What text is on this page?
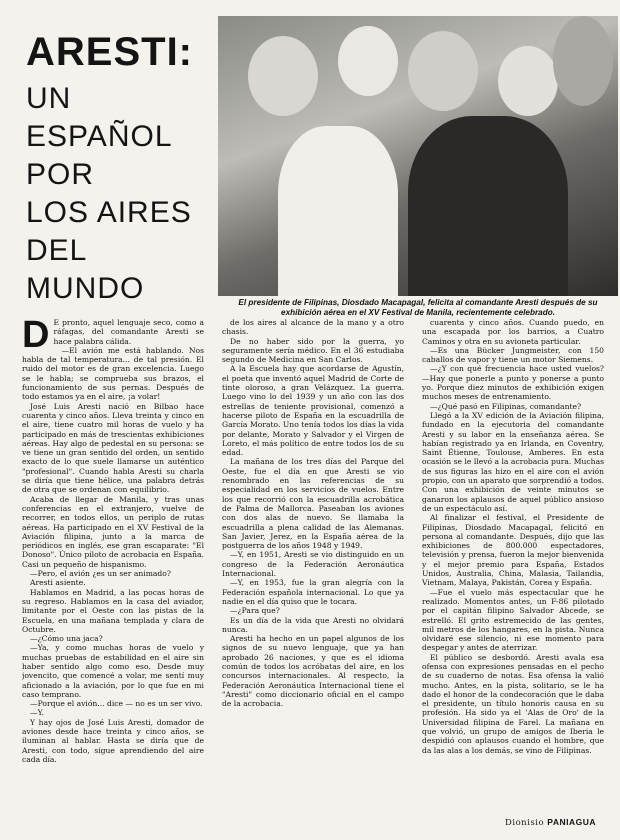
ARESTI:
UN ESPAÑOL
POR
LOS AIRES
DEL
MUNDO	El presidente de Filipinas, Diosdado Macapagal, felicita al comandante Aresti después de su exhibición aérea en el XV Festival de Manila, recientemente celebrado.

D E pronto, aquel lenguaje seco, como a ráfagas, del comandante Aresti se hace palabra cálida.

—El avión me está hablando. Nos habla de tal temperatura... de tal presión. El ruido del motor es de gran excelencia. Luego se le habla; se comprueba sus brazos, el funcionamiento de sus pernas. Después de todo estamos ya en el aire, ¡a volar!

José Luis Aresti nació en Bilbao hace cuarenta y cinco años. Lleva treinta y cinco en el aire, tiene cuatro mil horas de vuelo y ha participado en más de trescientas exhibiciones aéreas. Hay algo de pedestal en su persona: se ve tiene un gran sentido del orden, un sentido exacto de lo que suele llamarse un auténtico "profesional". Cuando habla Aresti su charla se diría que tiene hélice, una palabra detrás de otra que se ordenan con equilibrio.

Acaba de llegar de Manila, y tras unas conferencias en el extranjero, vuelve de recorrer, en todos ellos, un periplo de rutas aéreas. Ha participado en el XV Festival de la Aviación filipina, junto a la marca de periódicos en inglés, ese gran escaparate: "El Donoso". Único piloto de acrobacia en España. Casi un pequeño de hispanismo.

—Pero, el avión ¿es un ser animado?

Aresti asiente.

Hablamos en Madrid, a las pocas horas de su regreso. Hablamos en la casa del aviador, limitante por el Oeste con las pistas de la Escuela, en una mañana templada y clara de Octubre.

—¿Cómo una jaca?

—Ya, y como muchas horas de vuelo y muchas pruebas de estabilidad en el aire sin haber sentido algo como eso. Desde muy jovencito, que comencé a volar, me sentí muy aficionado a la aviación, por lo que fue en mi caso temprano.

—Porque el avión... dice — no es un ser vivo.

—Y.

Y hay ojos de José Luis Aresti, domador de aviones desde hace treinta y cinco años, se iluminan al hablar. Hasta se diría que de Aresti, con todo, sigue aprendiendo del aire cada día.

de los aires al alcance de la mano y a otro chasis.

De no haber sido por la guerra, yo seguramente sería médico. En el 36 estudiaba segundo de Medicina en San Carlos.

A la Escuela hay que acordarse de Agustín, el poeta que inventó aquel Madrid de Corte de tinte oloroso, a gran Velázquez. La guerra. Luego vino lo del 1939 y un año con las dos estrellas de teniente provisional, comenzó a hacerse piloto de España en la escuadrilla de García Morato. Uno tenía todos los días la vida por delante, Morato y Salvador y el Virgen de Loreto, el más político de entre todos los de su edad.

La mañana de los tres días del Parque del Oeste, fue el día en que Aresti se vio renombrado en las referencias de su especialidad en los servicios de vuelos. Entre los que recorrió con la escuadrilla acrobática de Palma de Mallorca. Paseaban los aviones con dos alas de nuevo. Se llamaba la escuadrilla a plena calidad de las Alemanas. San Javier, Jerez, en la España aérea de la postguerra de los años 1948 y 1949.

—Y, en 1951, Aresti se vio distinguido en un congreso de la Federación Aeronáutica Internacional.

—Y, en 1953, fue la gran alegría con la Federación española internacional. Lo que ya nadie en el día quiso que le tocara.

—¿Para que?

Es un día de la vida que Aresti no olvidará nunca.

Aresti ha hecho en un papel algunos de los signos de su nuevo lenguaje, que ya han aprobado 26 naciones, y que es el idioma común de todos los acróbatas del aire, en los concursos internacionales. Al respecto, la Federación Aeronáutica Internacional tiene el "Aresti" como diccionario oficial en el campo de la acrobacia.

cuarenta y cinco años. Cuando puedo, en una escapada por los barrios, a Cuatro Caminos y otra en su avioneta particular.

—Es una Bücker Jungmeister, con 150 caballos de vapor y tiene un motor Siemens.

—¿Y con qué frecuencia hace usted vuelos? —Hay que ponerle a punto y ponerse a punto yo. Porque diez minutos de exhibición exigen muchos meses de entrenamiento.

—¿Qué pasó en Filipinas, comandante?

Llegó a la XV edición de la Aviación filipina, fundado en la ejecutoria del comandante Aresti y su labor en la enseñanza aérea. Se habían registrado ya en Irlanda, en Coventry, Saint Étienne, Toulouse, Amberes. En esta ocasión se le llevó a la acrobacia pura. Muchas de sus figuras las hizo en el aire con el avión propio, con un aparato que sorprendió a todos. Con una exhibición de veinte minutos se ganaron los aplausos de aquel público ansioso de un espectáculo así.

Al finalizar el festival, el Presidente de Filipinas, Diosdado Macapagal, felicitó en persona al comandante. Después, dijo que las exhibiciones de 800.000 espectadores, televisión y prensa, fueron la mejor bienvenida y el mejor premio para España, Estados Unidos, Australia, China, Malasia, Tailandia, Vietnam, Malaya, Pakistán, Corea y España.

—Fue el vuelo más espectacular que he realizado. Momentos antes, un F-86 pilotado por el capitán filipino Salvador Abcede, se estrelló. El grito estremecido de las gentes, mil metros de los hangares, en la pista. Nunca olvidaré ese silencio, ni ese momento para despegar y antes de aterrizar.

El público se desbordó. Aresti avala esa ofensa con expresiones pensadas en el pecho de su cuaderno de notas. Esa ofensa la valió mucho. Antes, en la pista, solitario, se le ha dado el honor de la condecoración que le daba el presidente, un título honoris causa en su profesión. Ha sido ya el 'Alas de Oro' de la Universidad filipina de Farel. La mañana en que volvió, un grupo de amigos de Iberia le despidió con aplausos cuando el hombre, que da las alas a los demás, se vino de Filipinas.

Dionisio PANIAGUA
